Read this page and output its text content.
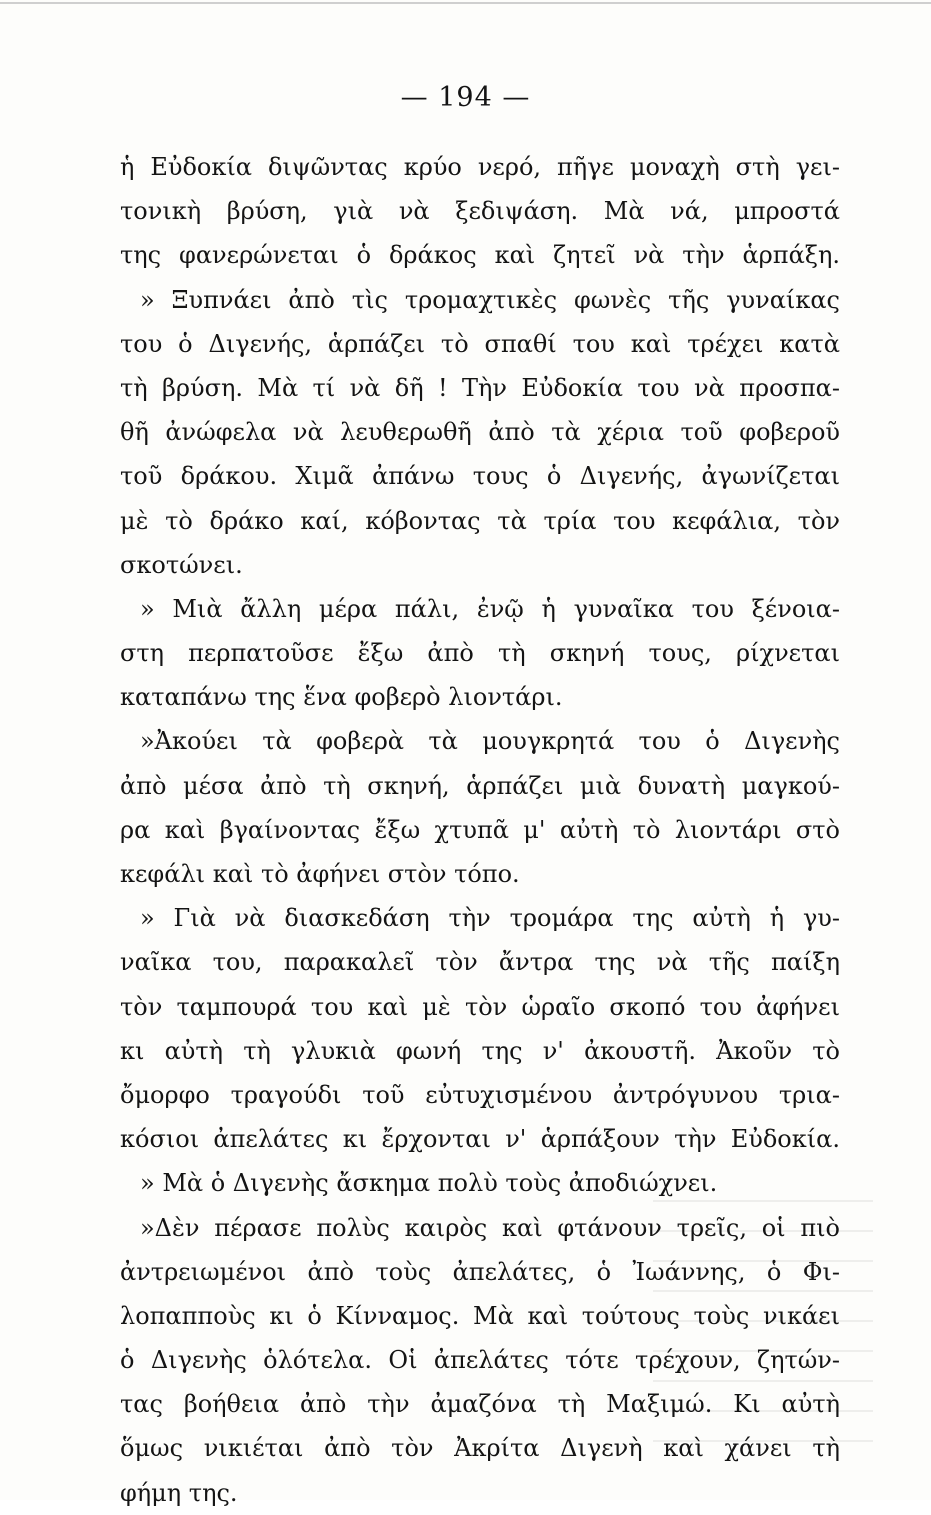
— 194 —
ἡ Εὐδοκία διψῶντας κρύο νερό, πῆγε μοναχὴ στὴ γει-
τονικὴ βρύση, γιὰ νὰ ξεδιψάση. Μὰ νά, μπροστά
της φανερώνεται ὁ δράκος καὶ ζητεῖ νὰ τὴν ἁρπάξη.
» Ξυπνάει ἀπὸ τὶς τρομαχτικὲς φωνὲς τῆς γυναίκας
του ὁ Διγενής, ἁρπάζει τὸ σπαθί του καὶ τρέχει κατὰ
τὴ βρύση. Μὰ τί νὰ δῆ ! Τὴν Εὐδοκία του νὰ προσπα-
θῆ ἀνώφελα νὰ λευθερωθῆ ἀπὸ τὰ χέρια τοῦ φοβεροῦ
τοῦ δράκου. Χιμᾶ ἀπάνω τους ὁ Διγενής, ἀγωνίζεται
μὲ τὸ δράκο καί, κόβοντας τὰ τρία του κεφάλια, τὸν
σκοτώνει.
» Μιὰ ἄλλη μέρα πάλι, ἐνῷ ἡ γυναῖκα του ξένοια-
στη περπατοῦσε ἔξω ἀπὸ τὴ σκηνή τους, ρίχνεται
καταπάνω της ἕνα φοβερὸ λιοντάρι.
»Ἀκούει τὰ φοβερὰ τὰ μουγκρητά του ὁ Διγενὴς
ἀπὸ μέσα ἀπὸ τὴ σκηνή, ἁρπάζει μιὰ δυνατὴ μαγκού-
ρα καὶ βγαίνοντας ἔξω χτυπᾶ μ' αὐτὴ τὸ λιοντάρι στὸ
κεφάλι καὶ τὸ ἀφήνει στὸν τόπο.
» Γιὰ νὰ διασκεδάση τὴν τρομάρα της αὐτὴ ἡ γυ-
ναῖκα του, παρακαλεῖ τὸν ἄντρα της νὰ τῆς παίξη
τὸν ταμπουρά του καὶ μὲ τὸν ὡραῖο σκοπό του ἀφήνει
κι αὐτὴ τὴ γλυκιὰ φωνή της ν' ἀκουστῆ. Ἀκοῦν τὸ
ὄμορφο τραγούδι τοῦ εὐτυχισμένου ἀντρόγυνου τρια-
κόσιοι ἀπελάτες κι ἔρχονται ν' ἁρπάξουν τὴν Εὐδοκία.
» Μὰ ὁ Διγενὴς ἄσκημα πολὺ τοὺς ἀποδιώχνει.
»Δὲν πέρασε πολὺς καιρὸς καὶ φτάνουν τρεῖς, οἱ πιὸ
ἀντρειωμένοι ἀπὸ τοὺς ἀπελάτες, ὁ Ἰωάννης, ὁ Φι-
λοπαπποὺς κι ὁ Κίνναμος. Μὰ καὶ τούτους τοὺς νικάει
ὁ Διγενὴς ὁλότελα. Οἱ ἀπελάτες τότε τρέχουν, ζητών-
τας βοήθεια ἀπὸ τὴν ἀμαζόνα τὴ Μαξιμώ. Κι αὐτὴ
ὅμως νικιέται ἀπὸ τὸν Ἀκρίτα Διγενὴ καὶ χάνει τὴ
φήμη της.
